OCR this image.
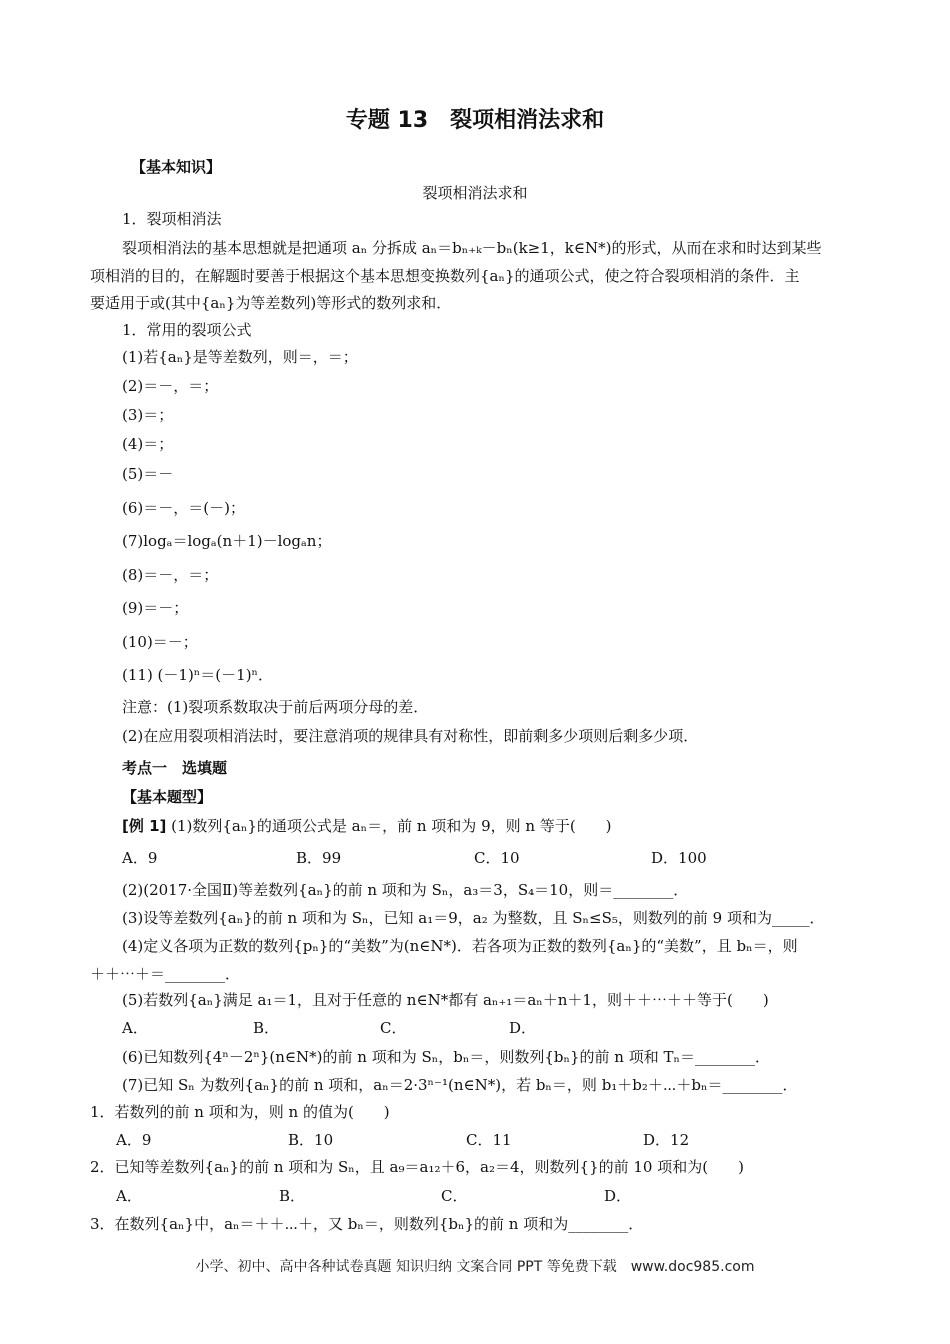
专题 13　裂项相消法求和
【基本知识】
裂项相消法求和
1．裂项相消法
裂项相消法的基本思想就是把通项 aₙ 分拆成 aₙ＝bₙ₊ₖ－bₙ(k≥1，k∈N*)的形式，从而在求和时达到某些
项相消的目的，在解题时要善于根据这个基本思想变换数列{aₙ}的通项公式，使之符合裂项相消的条件．主
要适用于或(其中{aₙ}为等差数列)等形式的数列求和．
1．常用的裂项公式
(1)若{aₙ}是等差数列，则＝，＝；
(2)＝－，＝；
(3)＝；
(4)＝；
(5)＝－
(6)＝－，＝(－)；
(7)logₐ＝logₐ(n＋1)－logₐn；
(8)＝－，＝；
(9)＝－；
(10)＝－；
(11) (－1)ⁿ＝(－1)ⁿ．
注意：(1)裂项系数取决于前后两项分母的差．
(2)在应用裂项相消法时，要注意消项的规律具有对称性，即前剩多少项则后剩多少项．
考点一　选填题
【基本题型】
[例 1] (1)数列{aₙ}的通项公式是 aₙ＝，前 n 项和为 9，则 n 等于(　　)
A．9	B．99	C．10	D．100
(2)(2017·全国Ⅱ)等差数列{aₙ}的前 n 项和为 Sₙ，a₃＝3，S₄＝10，则＝________．
(3)设等差数列{aₙ}的前 n 项和为 Sₙ，已知 a₁＝9，a₂ 为整数，且 Sₙ≤S₅，则数列的前 9 项和为_____．
(4)定义各项为正数的数列{pₙ}的“美数”为(n∈N*)．若各项为正数的数列{aₙ}的“美数”，且 bₙ＝，则
＋＋⋯＋＝________．
(5)若数列{aₙ}满足 a₁＝1，且对于任意的 n∈N*都有 aₙ₊₁＝aₙ＋n＋1，则＋＋⋯＋＋等于(　　)
A．	B．	C．	D．
(6)已知数列{4ⁿ－2ⁿ}(n∈N*)的前 n 项和为 Sₙ，bₙ＝，则数列{bₙ}的前 n 项和 Tₙ＝________．
(7)已知 Sₙ 为数列{aₙ}的前 n 项和，aₙ＝2·3ⁿ⁻¹(n∈N*)，若 bₙ＝，则 b₁＋b₂＋⋯＋bₙ＝________．
1．若数列的前 n 项和为，则 n 的值为(　　)
A．9	B．10	C．11	D．12
2．已知等差数列{aₙ}的前 n 项和为 Sₙ，且 a₉＝a₁₂＋6，a₂＝4，则数列{}的前 10 项和为(　　)
A．	B．	C．	D．
3．在数列{aₙ}中，aₙ＝＋＋⋯＋，又 bₙ＝，则数列{bₙ}的前 n 项和为________．
小学、初中、高中各种试卷真题 知识归纳 文案合同 PPT 等免费下载　www.doc985.com
